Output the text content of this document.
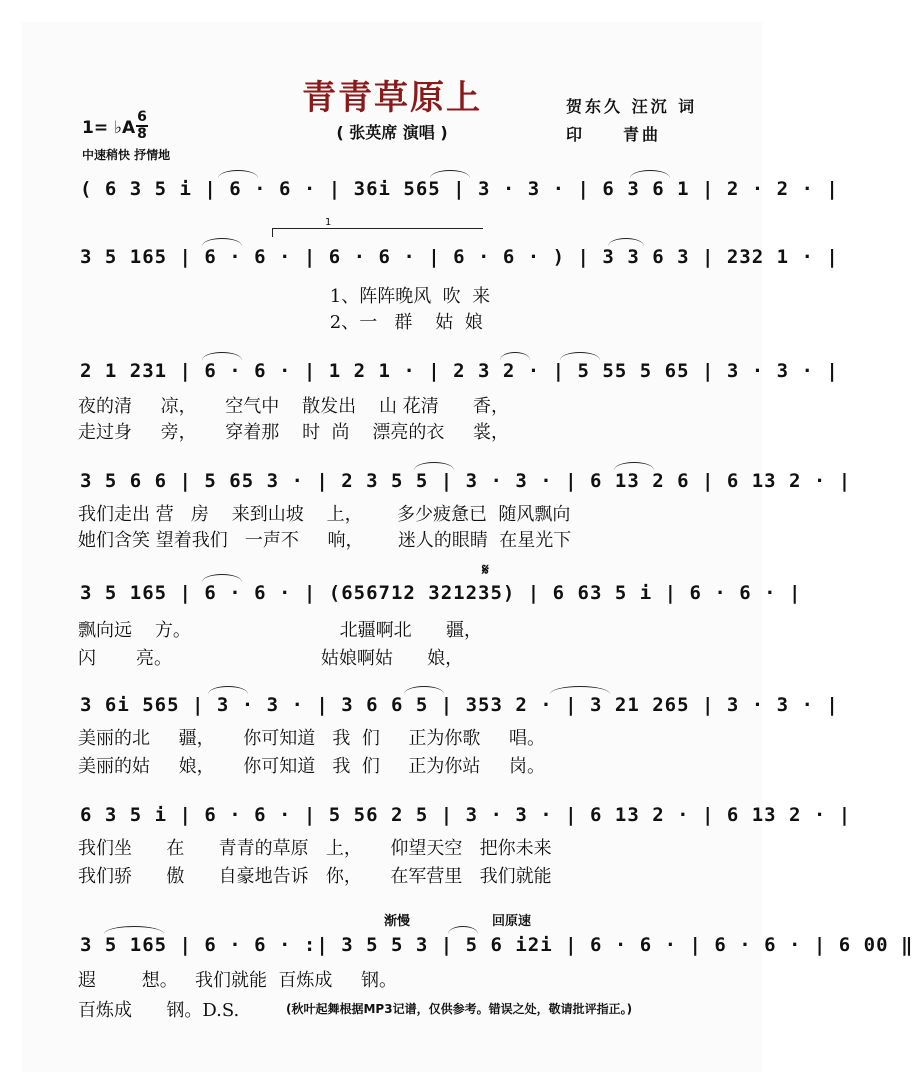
青青草原上
( 张英席 演唱 )
贺东久 汪沉 词
印　　青曲
1= ♭A
6
8
中速稍快 抒情地
( 6 3 5 i | 6 · 6 · | 36i 565 | 3 · 3 · | 6 3 6 1 | 2 · 2 · |
1
3 5 165 | 6 · 6 · | 6 · 6 · | 6 · 6 · ) | 3 3 6 3 | 232 1 · |
1、阵阵晚风  吹  来
2、一   群    姑  娘
2 1 231 | 6 · 6 · | 1 2 1 · | 2 3 2 · | 5 55 5 65 | 3 · 3 · |
夜的清     凉，     空气中    散发出    山 花清      香，
走过身     旁，     穿着那    时  尚    漂亮的衣     裳，
3 5 6 6 | 5 65 3 · | 2 3 5 5 | 3 · 3 · | 6 13 2 6 | 6 13 2 · |
我们走出 营   房    来到山坡    上，      多少疲惫已  随风飘向
她们含笑 望着我们   一声不     响，      迷人的眼睛  在星光下
𝄋
3 5 165 | 6 · 6 · | (656712 321235) | 6 63 5 i | 6 · 6 · |
飘向远    方。                          北疆啊北      疆，
闪       亮。                          姑娘啊姑      娘，
3 6i 565 | 3 · 3 · | 3 6 6 5 | 353 2 · | 3 21 265 | 3 · 3 · |
美丽的北     疆，     你可知道   我  们     正为你歌     唱。
美丽的姑     娘，     你可知道   我  们     正为你站     岗。
6 3 5 i | 6 · 6 · | 5 56 2 5 | 3 · 3 · | 6 13 2 · | 6 13 2 · |
我们坐      在      青青的草原   上，     仰望天空   把你未来
我们骄      傲      自豪地告诉   你，     在军营里   我们就能
渐慢	回原速
3 5 165 | 6 · 6 · :| 3 5 5 3 | 5 6 i2i | 6 · 6 · | 6 · 6 · | 6 00 ‖
遐        想。   我们就能  百炼成     钢。
百炼成      钢。D.S.	(秋叶起舞根据MP3记谱，仅供参考。错误之处，敬请批评指正。)
